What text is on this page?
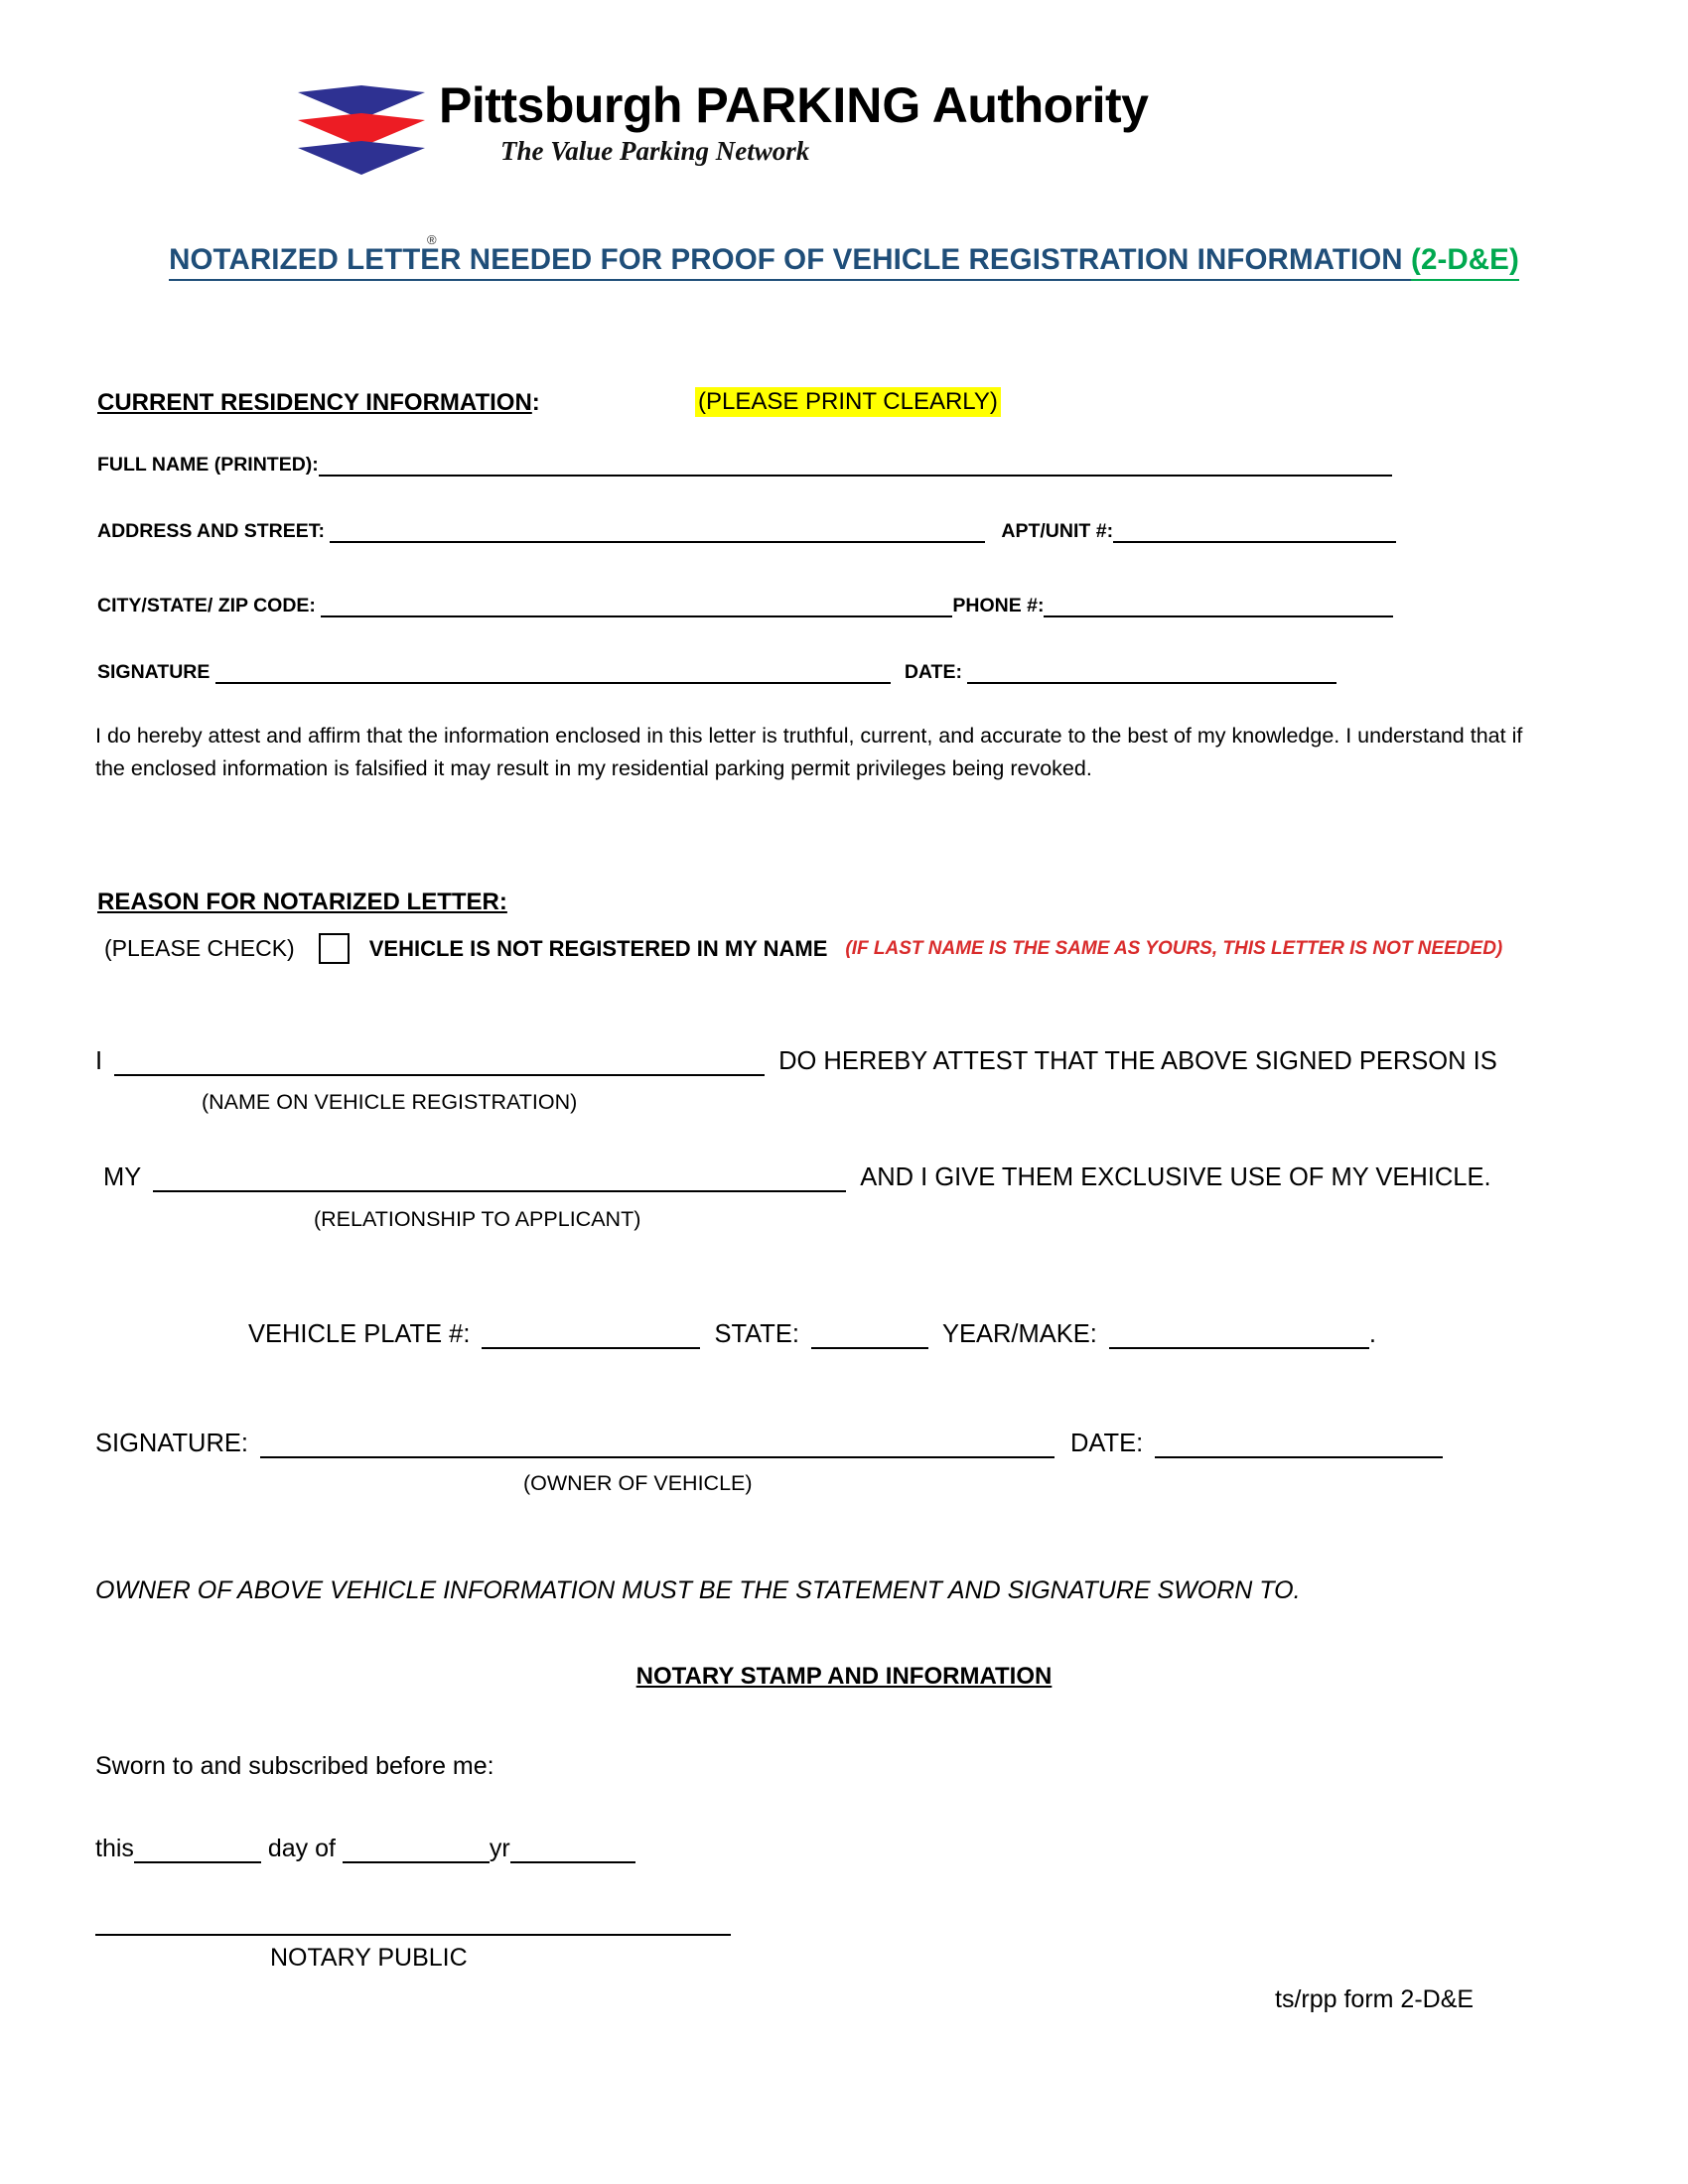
®
Pittsburgh PARKING Authority
The Value Parking Network
NOTARIZED LETTER NEEDED FOR PROOF OF VEHICLE REGISTRATION INFORMATION (2-D&E)
CURRENT RESIDENCY INFORMATION:	(PLEASE PRINT CLEARLY)
FULL NAME (PRINTED):
ADDRESS AND STREET:	APT/UNIT #:
CITY/STATE/ ZIP CODE:	PHONE #:
SIGNATURE	DATE:
I do hereby attest and affirm that the information enclosed in this letter is truthful, current, and accurate to the best of my knowledge. I understand that if the enclosed information is falsified it may result in my residential parking permit privileges being revoked.
REASON FOR NOTARIZED LETTER:
(PLEASE CHECK)	VEHICLE IS NOT REGISTERED IN MY NAME (IF LAST NAME IS THE SAME AS YOURS, THIS LETTER IS NOT NEEDED)
I	DO HEREBY ATTEST THAT THE ABOVE SIGNED PERSON IS
(NAME ON VEHICLE REGISTRATION)
MY	AND I GIVE THEM EXCLUSIVE USE OF MY VEHICLE.
(RELATIONSHIP TO APPLICANT)
VEHICLE PLATE #:	STATE:	YEAR/MAKE:	.
SIGNATURE:	DATE:
(OWNER OF VEHICLE)
OWNER OF ABOVE VEHICLE INFORMATION MUST BE THE STATEMENT AND SIGNATURE SWORN TO.
NOTARY STAMP AND INFORMATION
Sworn to and subscribed before me:
this	day of	yr
NOTARY PUBLIC
ts/rpp form 2-D&E
